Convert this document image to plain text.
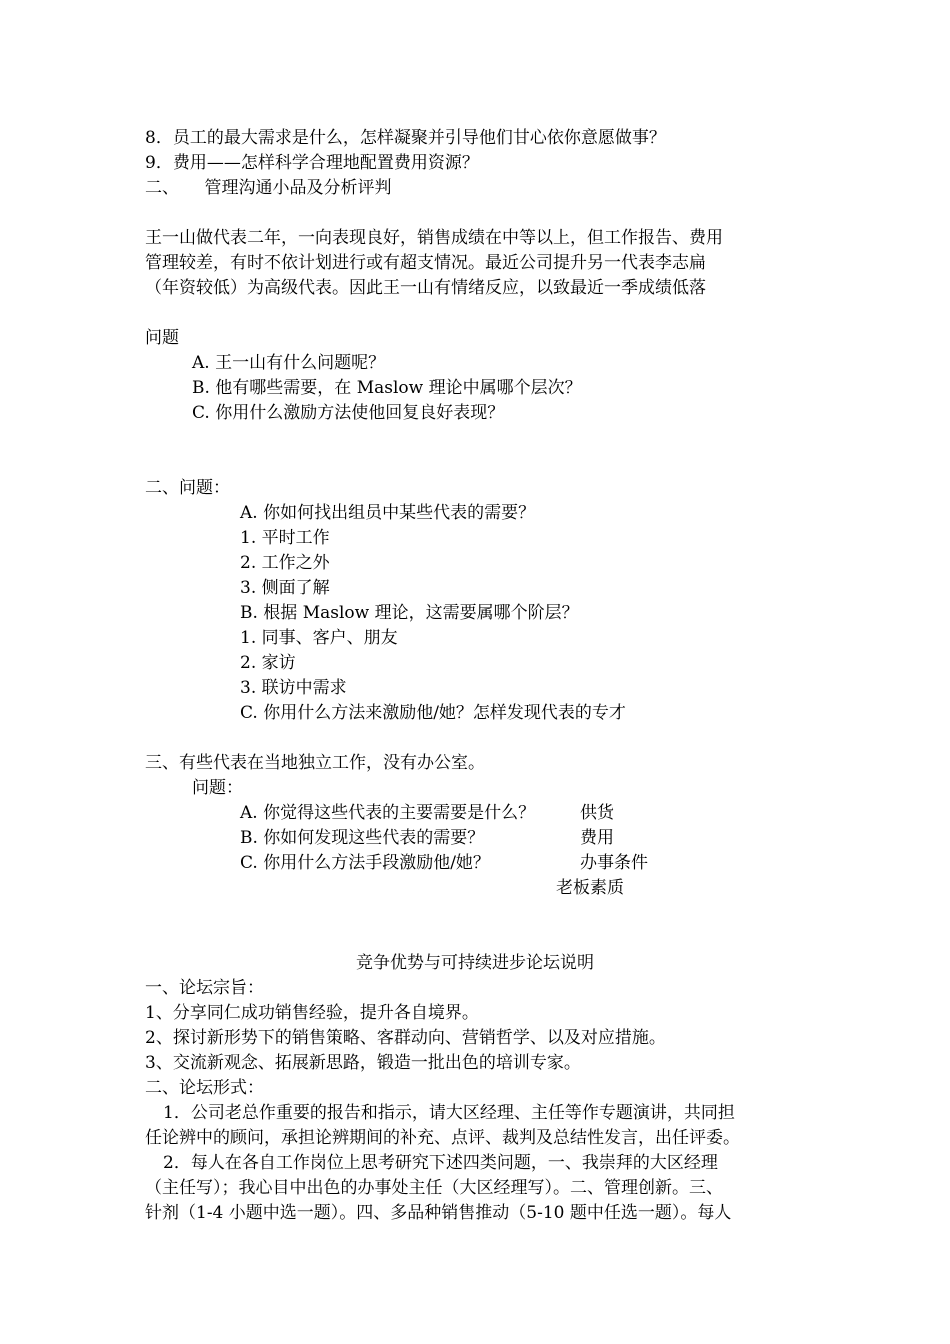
8．员工的最大需求是什么，怎样凝聚并引导他们甘心依你意愿做事？
9．费用——怎样科学合理地配置费用资源？
二、　　管理沟通小品及分析评判
王一山做代表二年，一向表现良好，销售成绩在中等以上，但工作报告、费用
管理较差，有时不依计划进行或有超支情况。最近公司提升另一代表李志扁
（年资较低）为高级代表。因此王一山有情绪反应，以致最近一季成绩低落
问题
A. 王一山有什么问题呢？
B. 他有哪些需要，在 Maslow 理论中属哪个层次？
C. 你用什么激励方法使他回复良好表现？
二、问题：
A. 你如何找出组员中某些代表的需要？
1. 平时工作
2. 工作之外
3. 侧面了解
B. 根据 Maslow 理论，这需要属哪个阶层？
1. 同事、客户、朋友
2. 家访
3. 联访中需求
C. 你用什么方法来激励他/她？怎样发现代表的专才
三、有些代表在当地独立工作，没有办公室。
问题：
A. 你觉得这些代表的主要需要是什么？	供货
B. 你如何发现这些代表的需要？	费用
C. 你用什么方法手段激励他/她？	办事条件
老板素质
竞争优势与可持续进步论坛说明
一、论坛宗旨：
1、分享同仁成功销售经验，提升各自境界。
2、探讨新形势下的销售策略、客群动向、营销哲学、以及对应措施。
3、交流新观念、拓展新思路，锻造一批出色的培训专家。
二、论坛形式：
1．公司老总作重要的报告和指示，请大区经理、主任等作专题演讲，共同担
任论辨中的顾问，承担论辨期间的补充、点评、裁判及总结性发言，出任评委。
2．每人在各自工作岗位上思考研究下述四类问题，一、我崇拜的大区经理
（主任写）；我心目中出色的办事处主任（大区经理写）。二、管理创新。三、
针剂（1-4 小题中选一题）。四、多品种销售推动（5-10 题中任选一题）。每人
